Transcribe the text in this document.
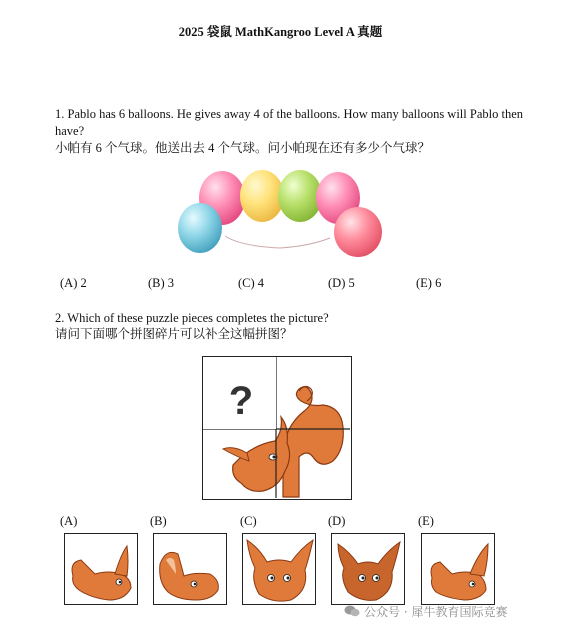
2025 袋鼠 MathKangroo Level A 真题
1. Pablo has 6 balloons. He gives away 4 of the balloons. How many balloons will Pablo then have?
小帕有 6 个气球。他送出去 4 个气球。问小帕现在还有多少个气球？
(A) 2	(B) 3	(C) 4	(D) 5	(E) 6
2. Which of these puzzle pieces completes the picture?
请问下面哪个拼图碎片可以补全这幅拼图？
?
(A)	(B)	(C)	(D)	(E)
公众号 · 犀牛教育国际竞赛
